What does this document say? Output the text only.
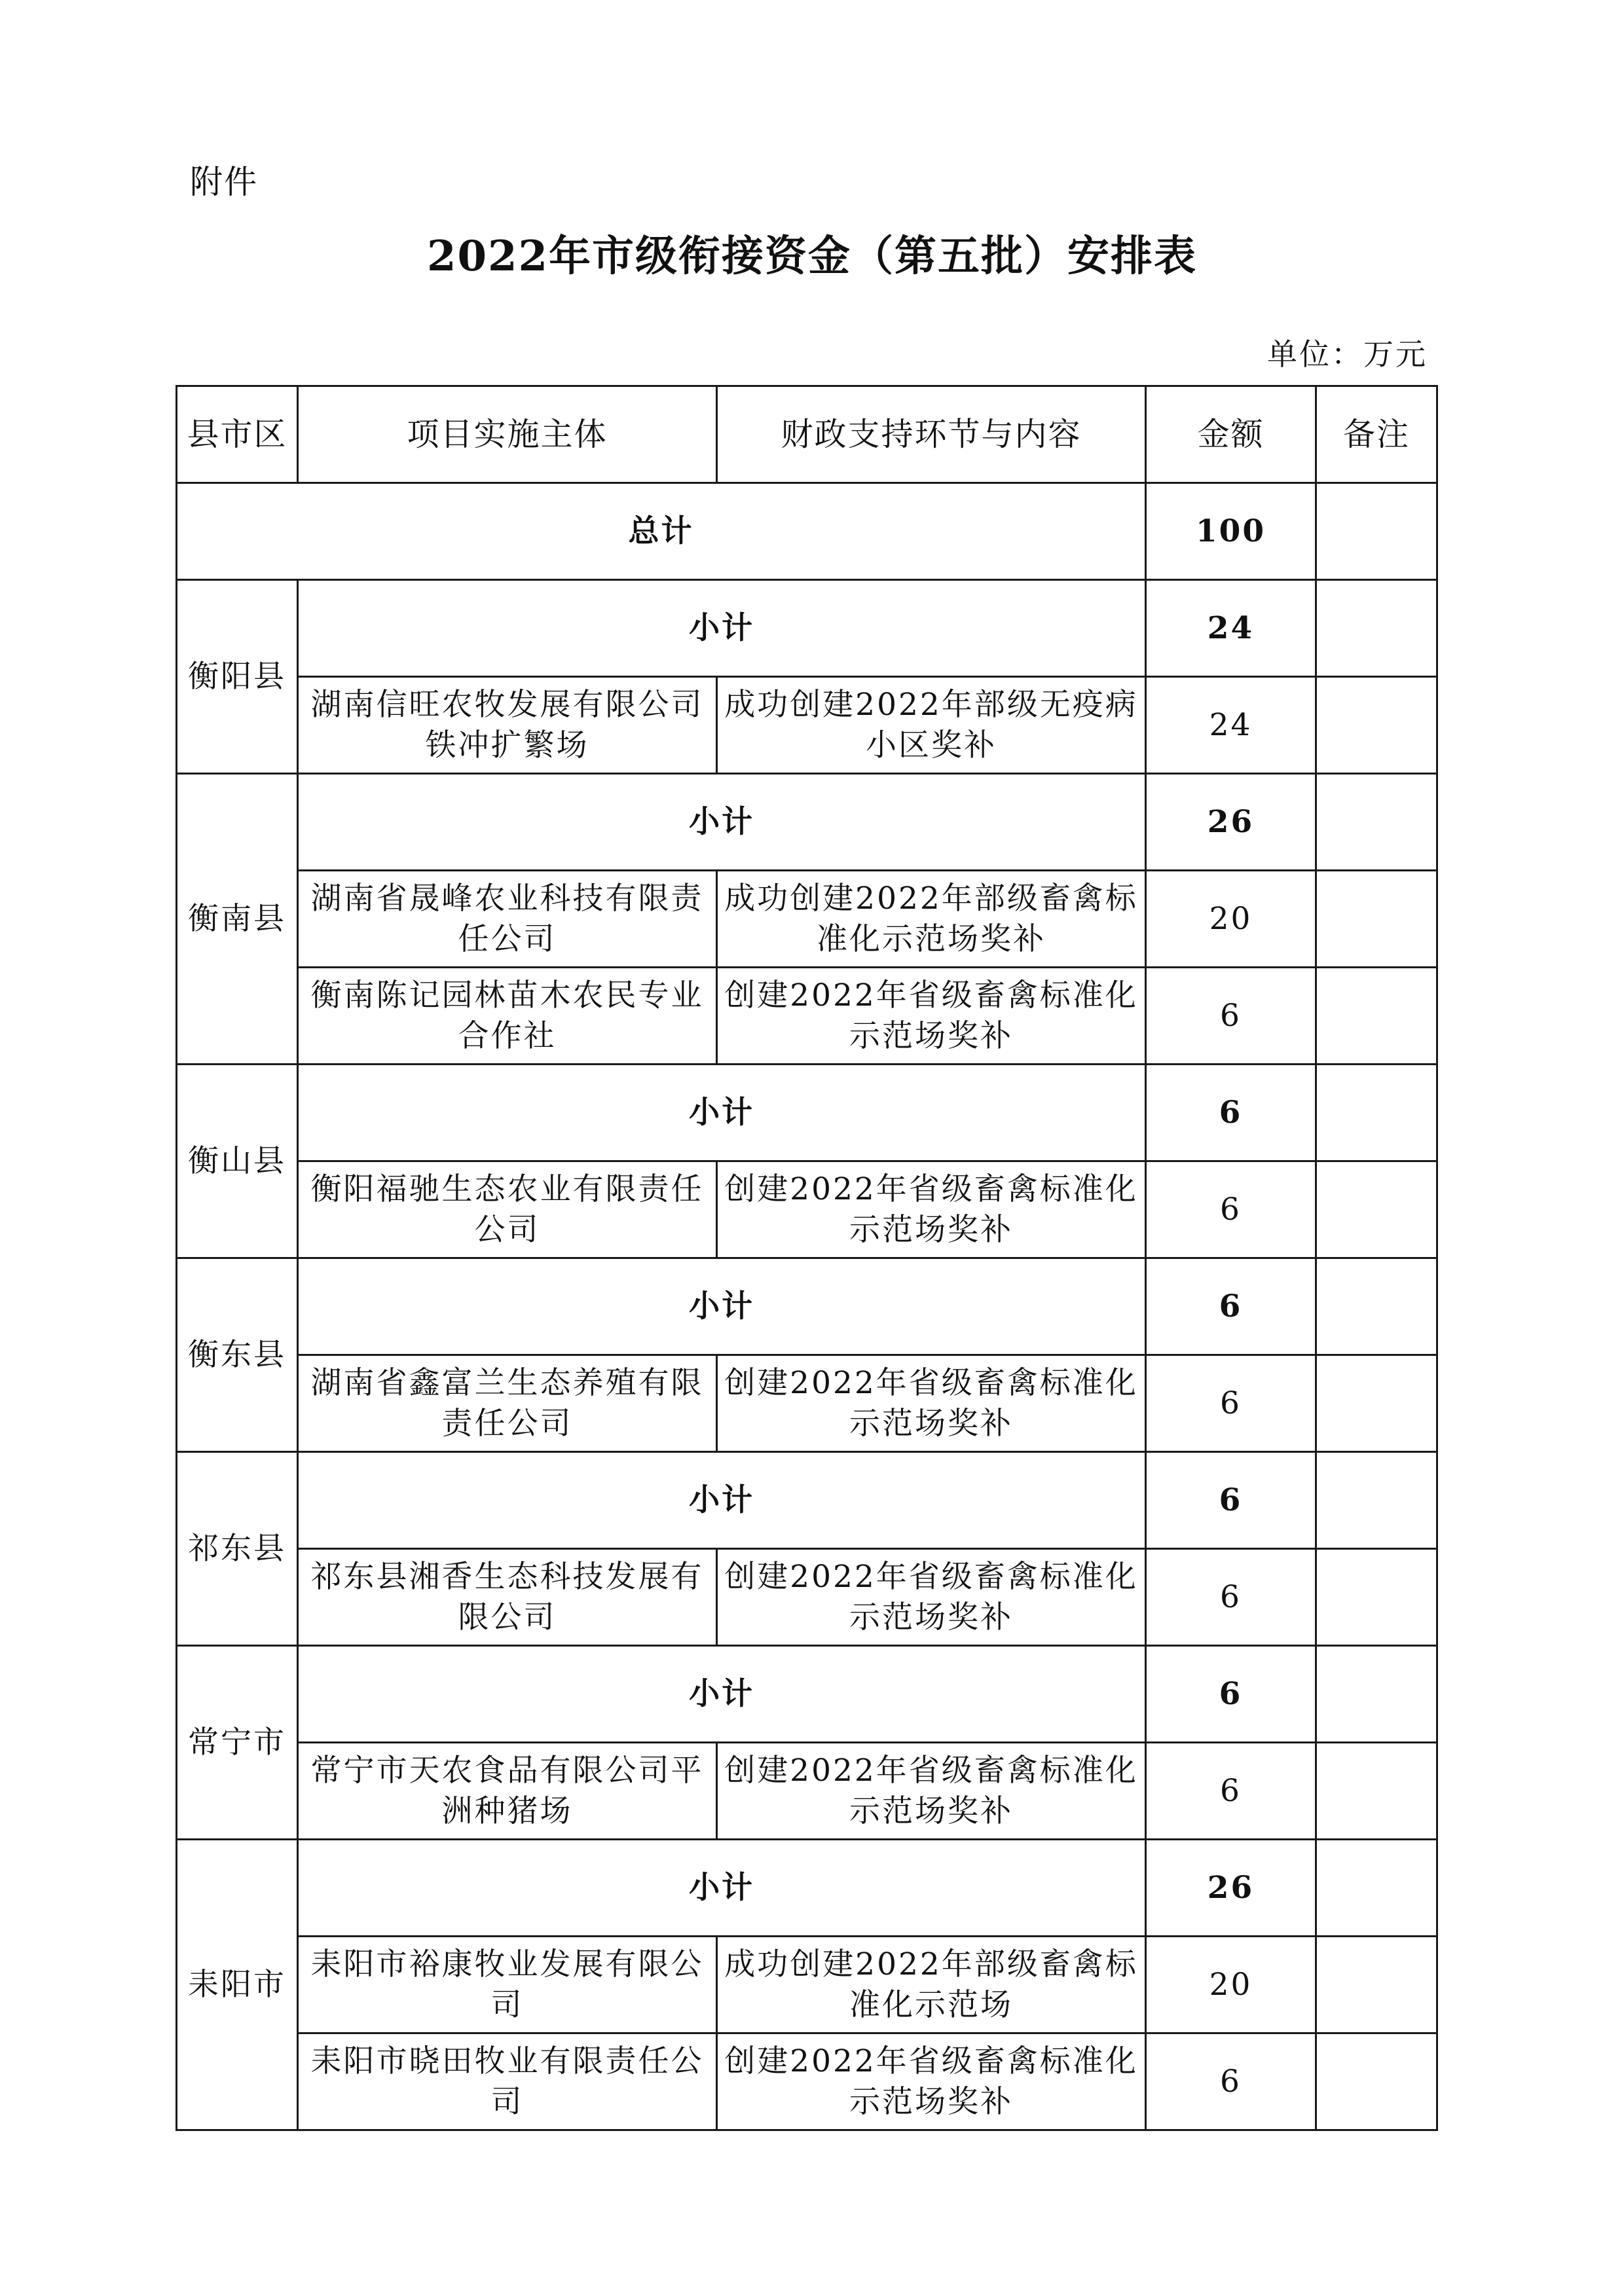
附件
2022年市级衔接资金（第五批）安排表
单位：万元
县市区	项目实施主体	财政支持环节与内容	金额	备注
总计			100	
衡阳县	小计		24	
	湖南信旺农牧发展有限公司铁冲扩繁场	成功创建2022年部级无疫病小区奖补	24	
衡南县	小计		26	
	湖南省晟峰农业科技有限责任公司	成功创建2022年部级畜禽标准化示范场奖补	20	
	衡南陈记园林苗木农民专业合作社	创建2022年省级畜禽标准化示范场奖补	6	
衡山县	小计		6	
	衡阳福驰生态农业有限责任公司	创建2022年省级畜禽标准化示范场奖补	6	
衡东县	小计		6	
	湖南省鑫富兰生态养殖有限责任公司	创建2022年省级畜禽标准化示范场奖补	6	
祁东县	小计		6	
	祁东县湘香生态科技发展有限公司	创建2022年省级畜禽标准化示范场奖补	6	
常宁市	小计		6	
	常宁市天农食品有限公司平洲种猪场	创建2022年省级畜禽标准化示范场奖补	6	
耒阳市	小计		26	
	耒阳市裕康牧业发展有限公司	成功创建2022年部级畜禽标准化示范场	20	
	耒阳市晓田牧业有限责任公司	创建2022年省级畜禽标准化示范场奖补	6	
